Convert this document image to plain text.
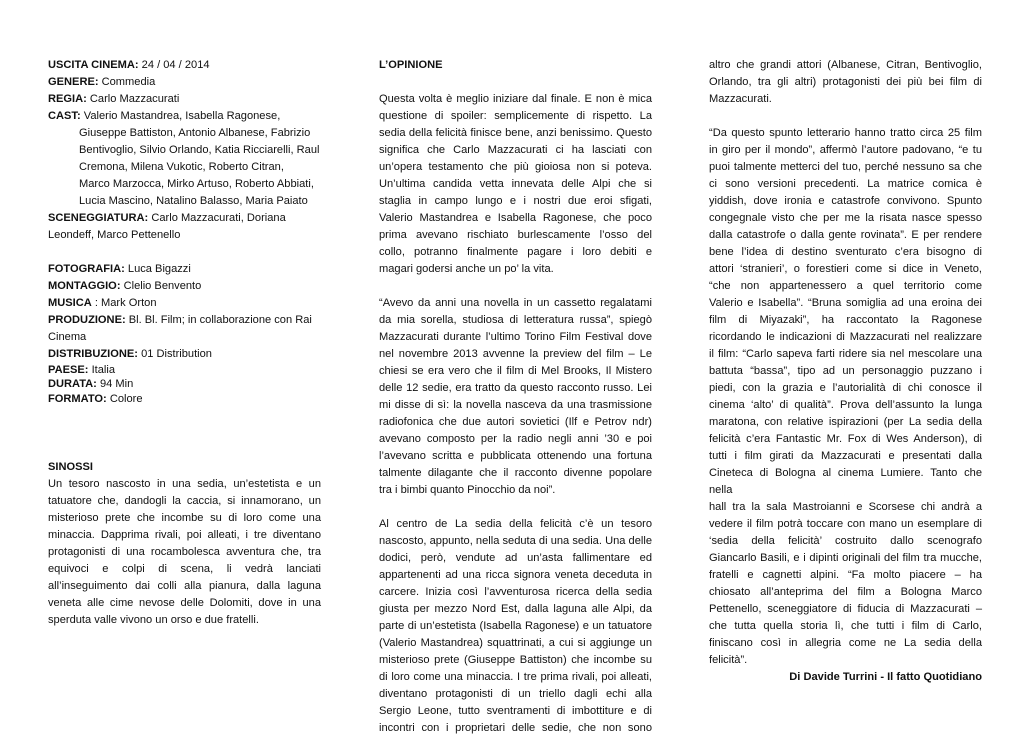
USCITA CINEMA: 24 / 04 / 2014
GENERE: Commedia
REGIA: Carlo Mazzacurati
CAST: Valerio Mastandrea, Isabella Ragonese,
Giuseppe Battiston, Antonio Albanese, Fabrizio
Bentivoglio, Silvio Orlando, Katia Ricciarelli, Raul
Cremona, Milena Vukotic, Roberto Citran,
Marco Marzocca, Mirko Artuso, Roberto Abbiati,
Lucia Mascino, Natalino Balasso, Maria Paiato
SCENEGGIATURA: Carlo Mazzacurati, Doriana
Leondeff, Marco Pettenello
FOTOGRAFIA: Luca Bigazzi
MONTAGGIO: Clelio Benvento
MUSICA : Mark Orton
PRODUZIONE: Bl. Bl. Film; in collaborazione con Rai
Cinema
DISTRIBUZIONE: 01 Distribution
PAESE: Italia
DURATA: 94 Min
FORMATO: Colore
SINOSSI
Un tesoro nascosto in una sedia, un’estetista e un
tatuatore che, dandogli la caccia, si innamorano, un
misterioso prete che incombe su di loro come una
minaccia. Dapprima rivali, poi alleati, i tre diventano
protagonisti di una rocambolesca avventura che, tra
equivoci e colpi di scena, li vedrà lanciati
all’inseguimento dai colli alla pianura, dalla laguna
veneta alle cime nevose delle Dolomiti, dove in una
sperduta valle vivono un orso e due fratelli.
L’OPINIONE
Questa volta è meglio iniziare dal finale. E non è mica
questione di spoiler: semplicemente di rispetto. La
sedia della felicità finisce bene, anzi benissimo. Questo
significa che Carlo Mazzacurati ci ha lasciati con
un’opera testamento che più gioiosa non si poteva.
Un’ultima candida vetta innevata delle Alpi che si
staglia in campo lungo e i nostri due eroi sfigati,
Valerio Mastandrea e Isabella Ragonese, che poco
prima avevano rischiato burlescamente l’osso del
collo, potranno finalmente pagare i loro debiti e
magari godersi anche un po’ la vita.
“Avevo da anni una novella in un cassetto regalatami
da mia sorella, studiosa di letteratura russa”, spiegò
Mazzacurati durante l’ultimo Torino Film Festival dove
nel novembre 2013 avvenne la preview del film – Le
chiesi se era vero che il film di Mel Brooks, Il Mistero
delle 12 sedie, era tratto da questo racconto russo. Lei
mi disse di sì: la novella nasceva da una trasmissione
radiofonica che due autori sovietici (Ilf e Petrov ndr)
avevano composto per la radio negli anni ’30 e poi
l’avevano scritta e pubblicata ottenendo una fortuna
talmente dilagante che il racconto divenne popolare
tra i bimbi quanto Pinocchio da noi”.
Al centro de La sedia della felicità c’è un tesoro
nascosto, appunto, nella seduta di una sedia. Una delle
dodici, però, vendute ad un’asta fallimentare ed
appartenenti ad una ricca signora veneta deceduta in
carcere. Inizia così l’avventurosa ricerca della sedia
giusta per mezzo Nord Est, dalla laguna alle Alpi, da
parte di un’estetista (Isabella Ragonese) e un tatuatore
(Valerio Mastandrea) squattrinati, a cui si aggiunge un
misterioso prete (Giuseppe Battiston) che incombe su
di loro come una minaccia. I tre prima rivali, poi alleati,
diventano protagonisti di un triello dagli echi alla
Sergio Leone, tutto sventramenti di imbottiture e di
incontri con i proprietari delle sedie, che non sono
altro che grandi attori (Albanese, Citran, Bentivoglio,
Orlando, tra gli altri) protagonisti dei più bei film di
Mazzacurati.
“Da questo spunto letterario hanno tratto circa 25 film
in giro per il mondo”, affermò l’autore padovano, “e tu
puoi talmente metterci del tuo, perché nessuno sa che
ci sono versioni precedenti. La matrice comica è
yiddish, dove ironia e catastrofe convivono. Spunto
congegnale visto che per me la risata nasce spesso
dalla catastrofe o dalla gente rovinata”. E per rendere
bene l’idea di destino sventurato c’era bisogno di
attori ‘stranieri’, o forestieri come si dice in Veneto,
“che non appartenessero a quel territorio come
Valerio e Isabella”. “Bruna somiglia ad una eroina dei
film di Miyazaki”, ha raccontato la Ragonese
ricordando le indicazioni di Mazzacurati nel realizzare
il film: “Carlo sapeva farti ridere sia nel mescolare una
battuta “bassa”, tipo ad un personaggio puzzano i
piedi, con la grazia e l’autorialità di chi conosce il
cinema ‘alto’ di qualità”. Prova dell’assunto la lunga
maratona, con relative ispirazioni (per La sedia della
felicità c’era Fantastic Mr. Fox di Wes Anderson), di
tutti i film girati da Mazzacurati e presentati dalla
Cineteca di Bologna al cinema Lumiere. Tanto che nella
hall tra la sala Mastroianni e Scorsese chi andrà a
vedere il film potrà toccare con mano un esemplare di
‘sedia della felicità’ costruito dallo scenografo
Giancarlo Basili, e i dipinti originali del film tra mucche,
fratelli e cagnetti alpini. “Fa molto piacere – ha
chiosato all’anteprima del film a Bologna Marco
Pettenello, sceneggiatore di fiducia di Mazzacurati –
che tutta quella storia lì, che tutti i film di Carlo,
finiscano così in allegria come ne La sedia della
felicità”.
Di Davide Turrini - Il fatto Quotidiano
